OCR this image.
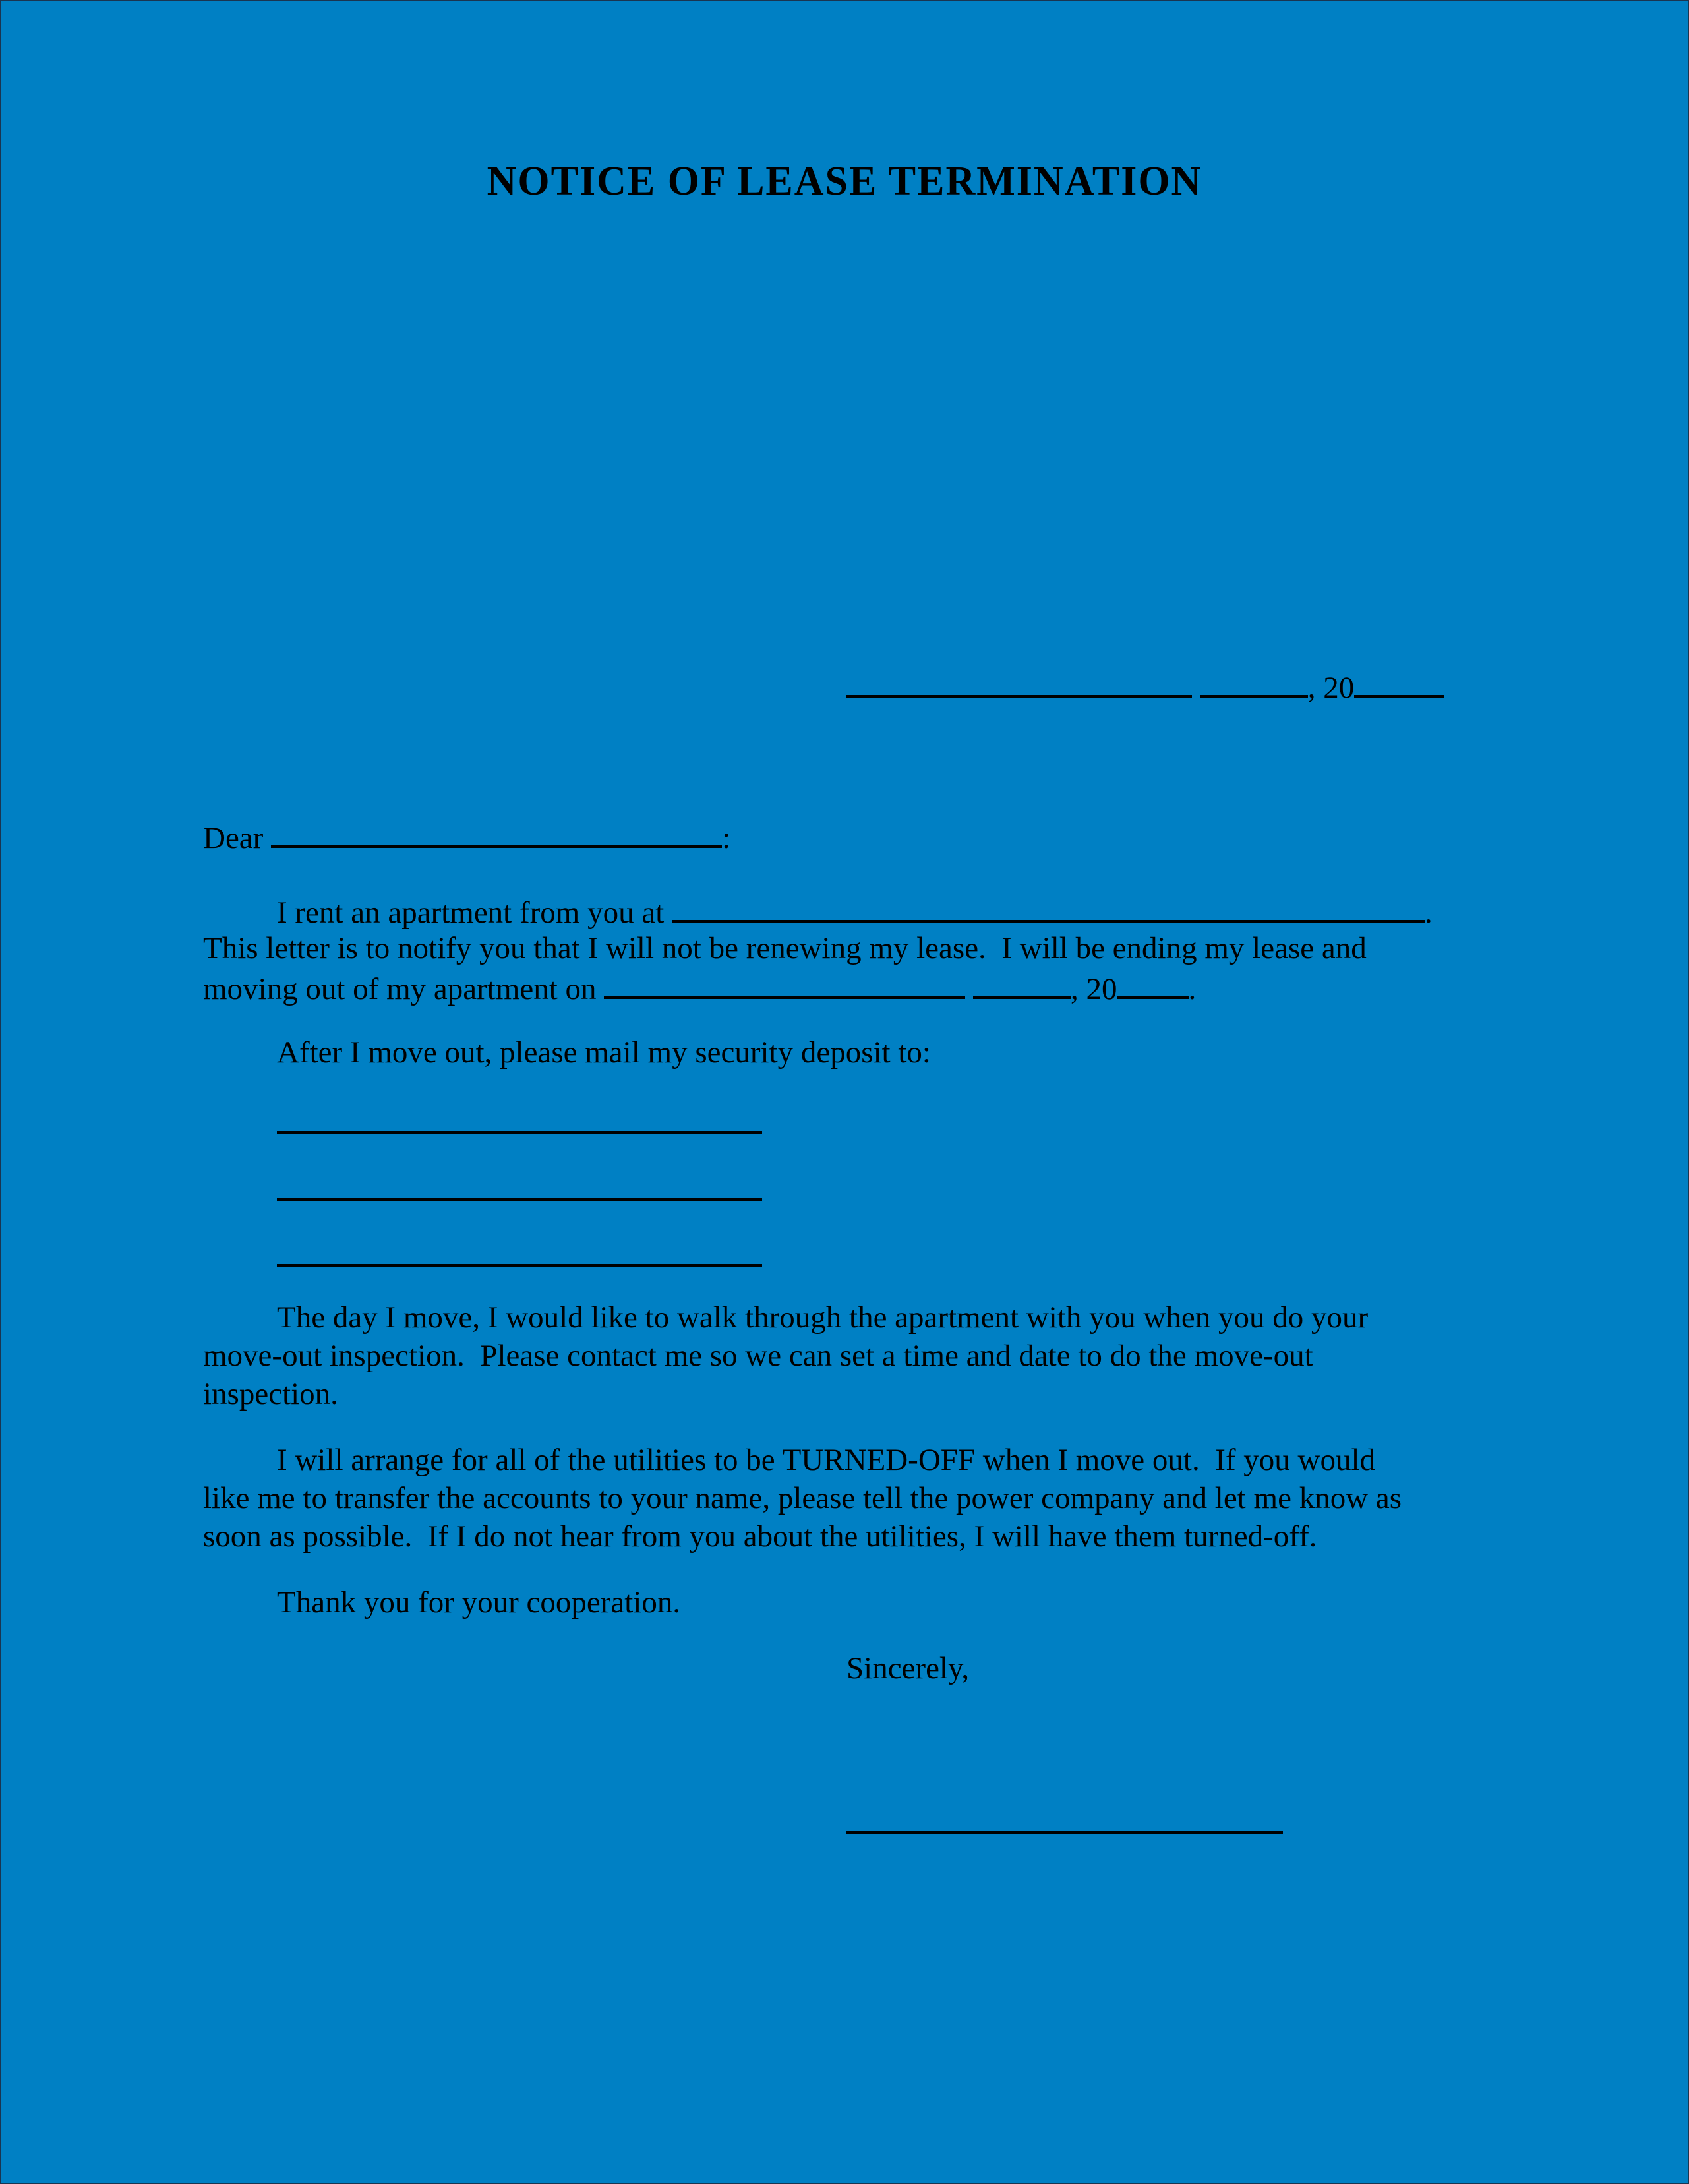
NOTICE OF LEASE TERMINATION
, 20
Dear	:
I rent an apartment from you at	.
This letter is to notify you that I will not be renewing my lease.  I will be ending my lease and
moving out of my apartment on	, 20 .
After I move out, please mail my security deposit to:
The day I move, I would like to walk through the apartment with you when you do your
move-out inspection.  Please contact me so we can set a time and date to do the move-out
inspection.
I will arrange for all of the utilities to be TURNED-OFF when I move out.  If you would
like me to transfer the accounts to your name, please tell the power company and let me know as
soon as possible.  If I do not hear from you about the utilities, I will have them turned-off.
Thank you for your cooperation.
Sincerely,
